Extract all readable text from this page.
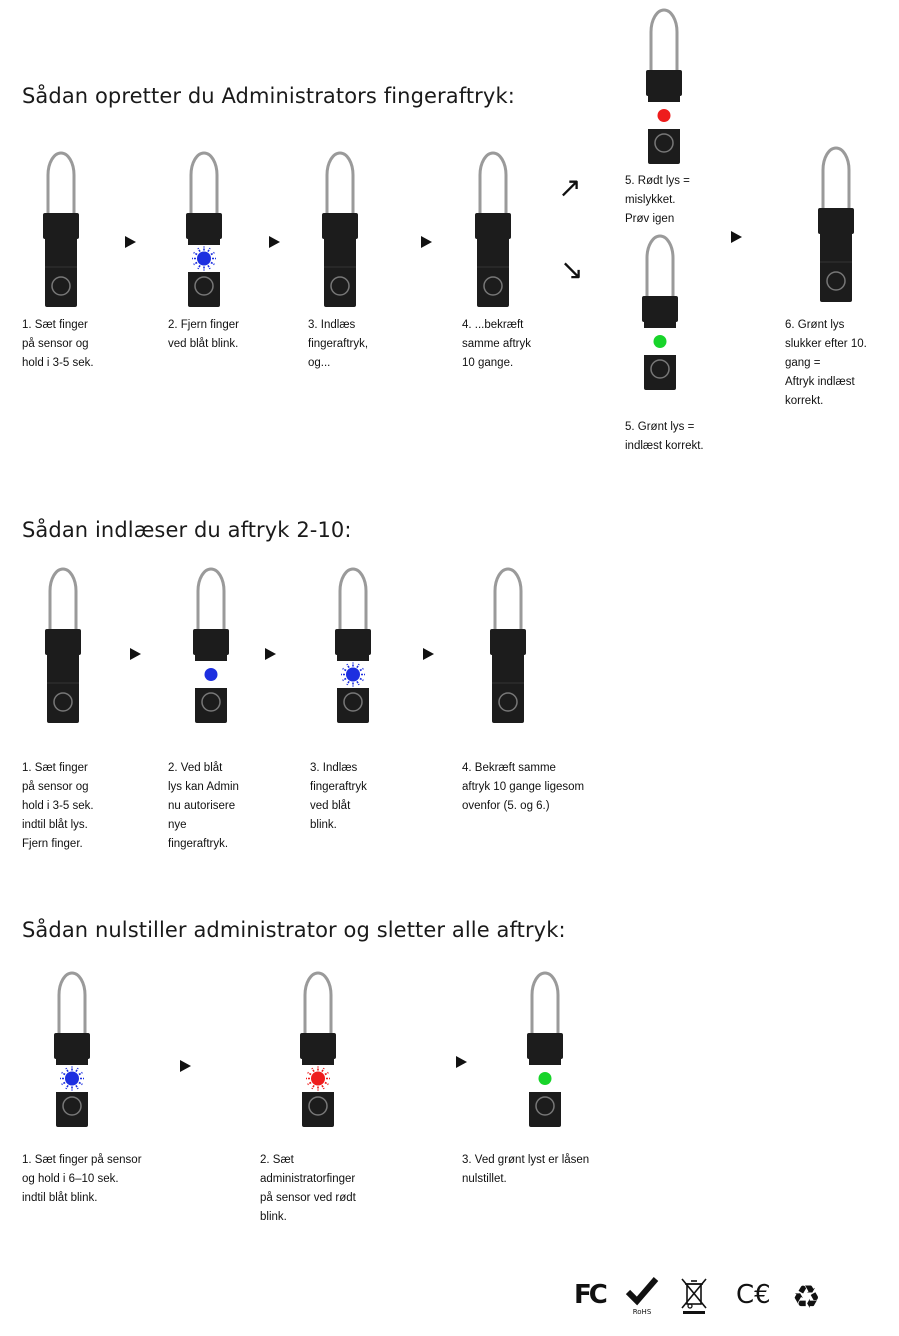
Sådan opretter du Administrators fingeraftryk:
↗
↘
1. Sæt finger
på sensor og
hold i 3-5 sek.
2. Fjern finger
ved blåt blink.
3. Indlæs
fingeraftryk,
og...
4. ...bekræft
samme aftryk
10 gange.
5. Rødt lys =
mislykket.
Prøv igen
5. Grønt lys =
indlæst korrekt.
6. Grønt lys
slukker efter 10.
gang =
Aftryk indlæst
korrekt.
Sådan indlæser du aftryk 2-10:
1. Sæt finger
på sensor og
hold i 3-5 sek.
indtil blåt lys.
Fjern finger.
2. Ved blåt
lys kan Admin
nu autorisere
nye
fingeraftryk.
3. Indlæs
fingeraftryk
ved blåt
blink.
4. Bekræft samme
aftryk 10 gange ligesom
ovenfor (5. og 6.)
Sådan nulstiller administrator og sletter alle aftryk:
1. Sæt finger på sensor
og hold i 6–10 sek.
indtil blåt blink.
2. Sæt
administratorfinger
på sensor ved rødt
blink.
3. Ved grønt lyst er låsen
nulstillet.
FC
RoHS
C€ ♻
